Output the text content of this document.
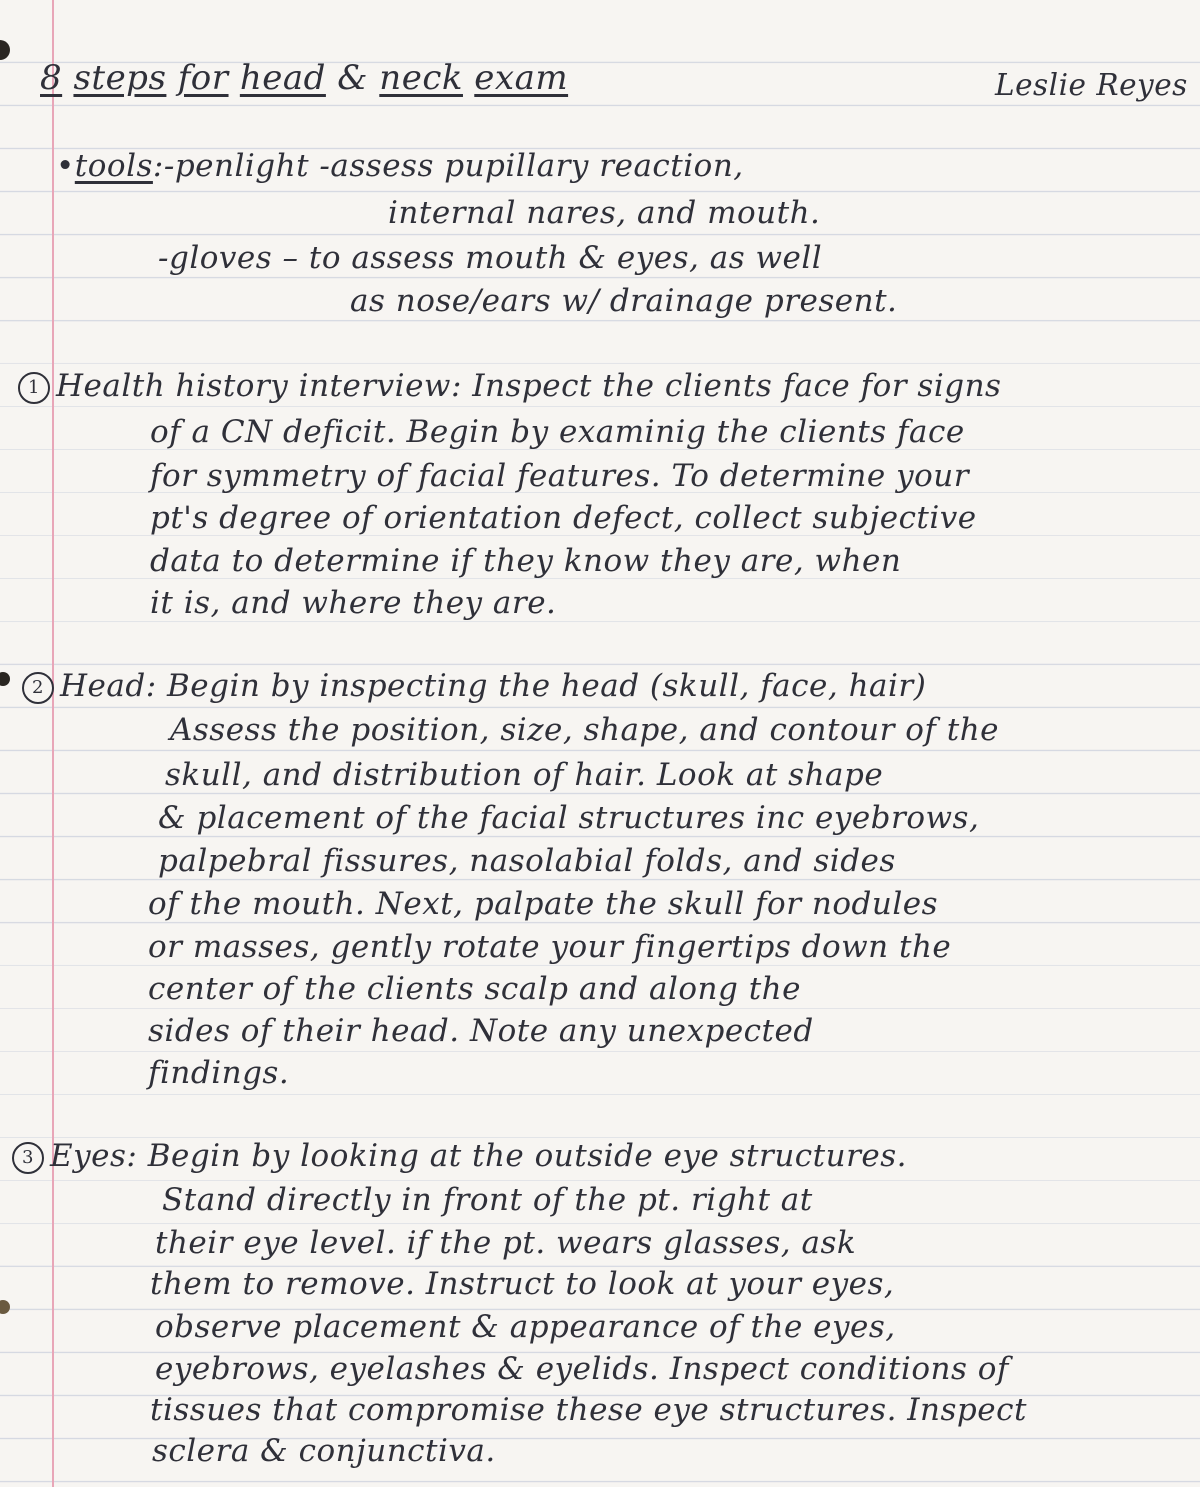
8 steps for head & neck exam	Leslie Reyes
•tools:-penlight -assess pupillary reaction,
internal nares, and mouth.
-gloves – to assess mouth & eyes, as well
as nose/ears w/ drainage present.
1 Health history interview: Inspect the clients face for signs
of a CN deficit. Begin by examinig the clients face
for symmetry of facial features. To determine your
pt's degree of orientation defect, collect subjective
data to determine if they know they are, when
it is, and where they are.
2 Head: Begin by inspecting the head (skull, face, hair)
Assess the position, size, shape, and contour of the
skull, and distribution of hair. Look at shape
& placement of the facial structures inc eyebrows,
palpebral fissures, nasolabial folds, and sides
of the mouth. Next, palpate the skull for nodules
or masses, gently rotate your fingertips down the
center of the clients scalp and along the
sides of their head. Note any unexpected
findings.
3 Eyes: Begin by looking at the outside eye structures.
Stand directly in front of the pt. right at
their eye level. if the pt. wears glasses, ask
them to remove. Instruct to look at your eyes,
observe placement & appearance of the eyes,
eyebrows, eyelashes & eyelids. Inspect conditions of
tissues that compromise these eye structures. Inspect
sclera & conjunctiva.
